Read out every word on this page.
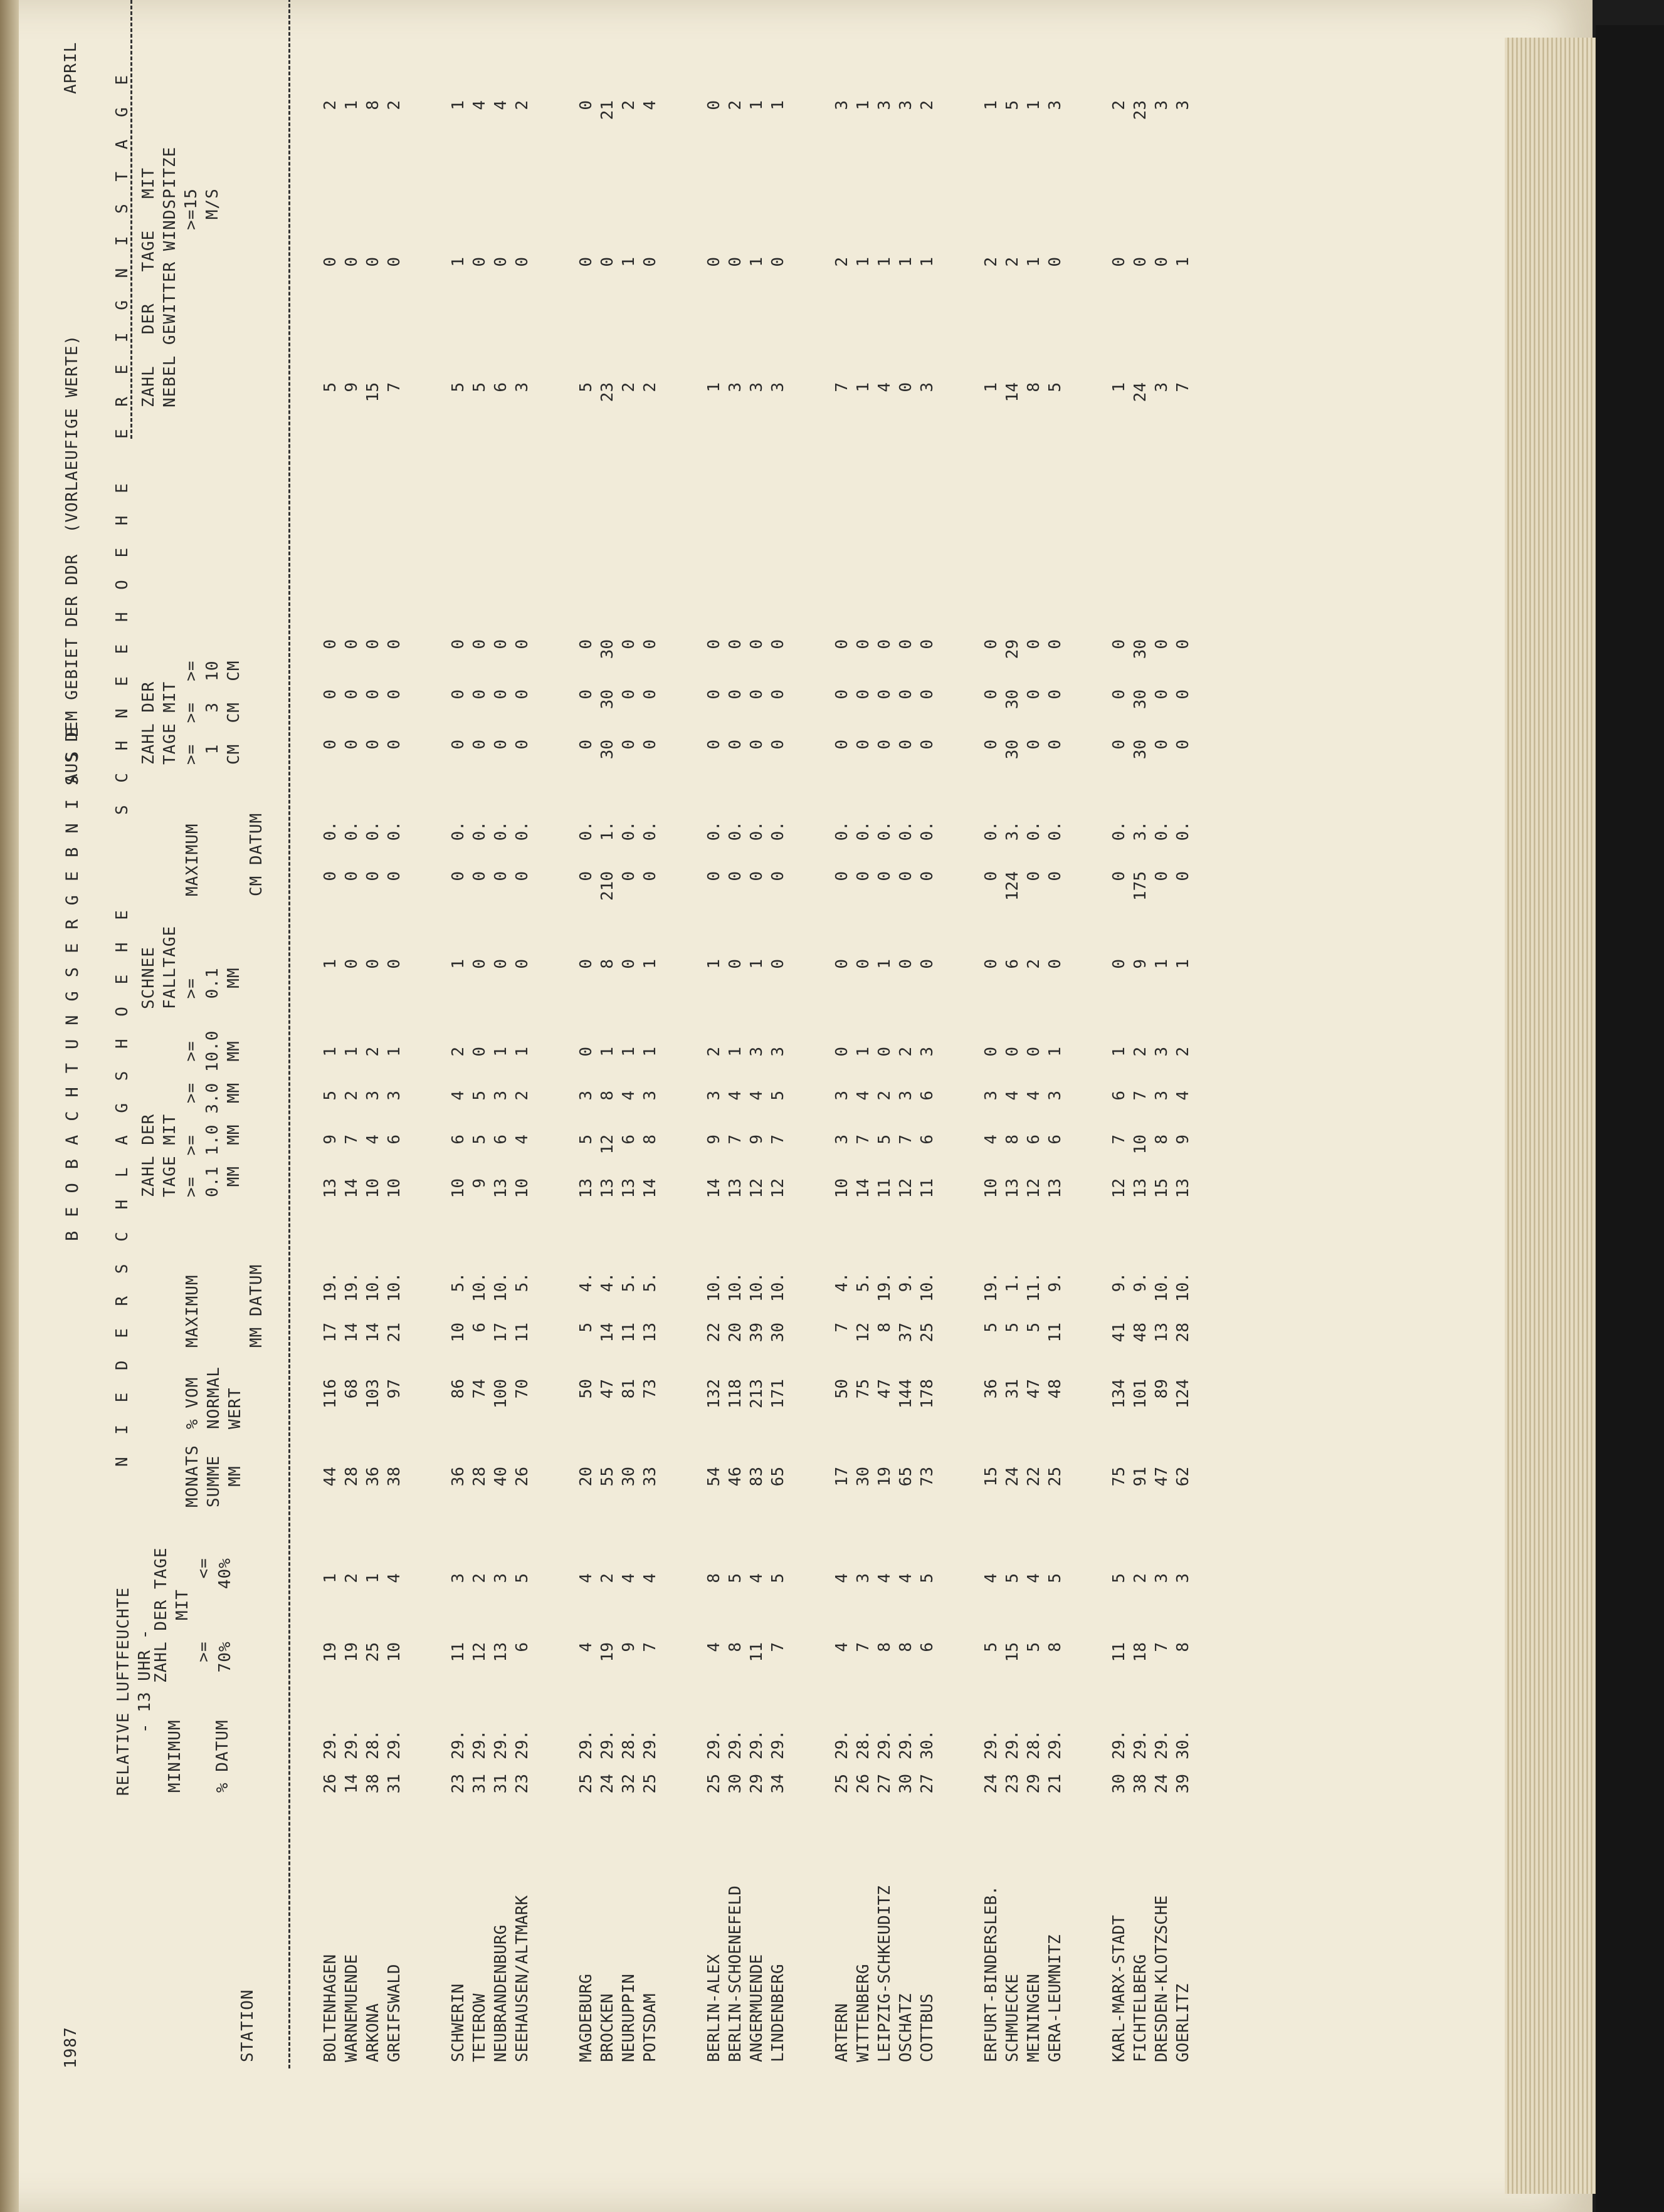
1987
BEOBACHTUNGSERGEBNISSE
AUS DEM GEBIET DER DDR  (VORLAEUFIGE WERTE)
APRIL
RELATIVE LUFTFEUCHTE
- 13 UHR -
N I E D E R S C H L A G S H O E H E
S C H N E E H O E H E
E R E I G N I S T A G E
STATION
MINIMUM

% DATUM
ZAHL DER TAGE
MIT
>=      <=
70%     40%
MONATS
SUMME
MM
% VOM
NORMAL
WERT
MAXIMUM

MM DATUM
ZAHL DER
TAGE MIT
>=  >=   >=  >=
0.1 1.0 3.0 10.0
MM  MM  MM  MM
SCHNEE
FALLTAGE
>=
0.1
MM
MAXIMUM

CM DATUM
ZAHL DER
TAGE MIT
>=  >=  >=
1   3  10
CM  CM  CM
ZAHL   DER   TAGE   MIT
NEBEL GEWITTER WINDSPITZE
>=15
M/S
BOLTENHAGEN WARNEMUENDE ARKONA GREIFSWALD
26 14 38 31
29. 29. 28. 29.
19 19 25 10
1 2 1 4
44 28 36 38
116 68 103 97
17 14 14 21
19. 19. 10. 10.
13 14 10 10
9 7 4 6
5 2 3 3
1 1 2 1
1 0 0 0
0 0 0 0
0. 0. 0. 0.
0 0 0 0
0 0 0 0
0 0 0 0
5 9 15 7
0 0 0 0
2 1 8 2
SCHWERIN TETEROW NEUBRANDENBURG SEEHAUSEN/ALTMARK
23 31 31 23
29. 29. 29. 29.
11 12 13 6
3 2 3 5
36 28 40 26
86 74 100 70
10 6 17 11
5. 10. 10. 5.
10 9 13 10
6 5 6 4
4 5 3 2
2 0 1 1
1 0 0 0
0 0 0 0
0. 0. 0. 0.
0 0 0 0
0 0 0 0
0 0 0 0
5 5 6 3
1 0 0 0
1 4 4 2
MAGDEBURG BROCKEN NEURUPPIN POTSDAM
25 24 32 25
29. 29. 28. 29.
4 19 9 7
4 2 4 4
20 55 30 33
50 47 81 73
5 14 11 13
4. 4. 5. 5.
13 13 13 14
5 12 6 8
3 8 4 3
0 1 1 1
0 8 0 1
0 210 0 0
0. 1. 0. 0.
0 30 0 0
0 30 0 0
0 30 0 0
5 23 2 2
0 0 1 0
0 21 2 4
BERLIN-ALEX BERLIN-SCHOENEFELD ANGERMUENDE LINDENBERG
25 30 29 34
29. 29. 29. 29.
4 8 11 7
8 5 4 5
54 46 83 65
132 118 213 171
22 20 39 30
10. 10. 10. 10.
14 13 12 12
9 7 9 7
3 4 4 5
2 1 3 3
1 0 1 0
0 0 0 0
0. 0. 0. 0.
0 0 0 0
0 0 0 0
0 0 0 0
1 3 3 3
0 0 1 0
0 2 1 1
ARTERN WITTENBERG LEIPZIG-SCHKEUDITZ OSCHATZ COTTBUS
25 26 27 30 27
29. 28. 29. 29. 30.
4 7 8 8 6
4 3 4 4 5
17 30 19 65 73
50 75 47 144 178
7 12 8 37 25
4. 5. 19. 9. 10.
10 14 11 12 11
3 7 5 7 6
3 4 2 3 6
0 1 0 2 3
0 0 1 0 0
0 0 0 0 0
0. 0. 0. 0. 0.
0 0 0 0 0
0 0 0 0 0
0 0 0 0 0
7 1 4 0 3
2 1 1 1 1
3 1 3 3 2
ERFURT-BINDERSLEB. SCHMUECKE MEININGEN GERA-LEUMNITZ
24 23 29 21
29. 29. 28. 29.
5 15 5 8
4 5 4 5
15 24 22 25
36 31 47 48
5 5 5 11
19. 1. 11. 9.
10 13 12 13
4 8 6 6
3 4 4 3
0 0 0 1
0 6 2 0
0 124 0 0
0. 3. 0. 0.
0 30 0 0
0 30 0 0
0 29 0 0
1 14 8 5
2 2 1 0
1 5 1 3
KARL-MARX-STADT FICHTELBERG DRESDEN-KLOTZSCHE GOERLITZ
30 38 24 39
29. 29. 29. 30.
11 18 7 8
5 2 3 3
75 91 47 62
134 101 89 124
41 48 13 28
9. 9. 10. 10.
12 13 15 13
7 10 8 9
6 7 3 4
1 2 3 2
0 9 1 1
0 175 0 0
0. 3. 0. 0.
0 30 0 0
0 30 0 0
0 30 0 0
1 24 3 7
0 0 0 1
2 23 3 3
